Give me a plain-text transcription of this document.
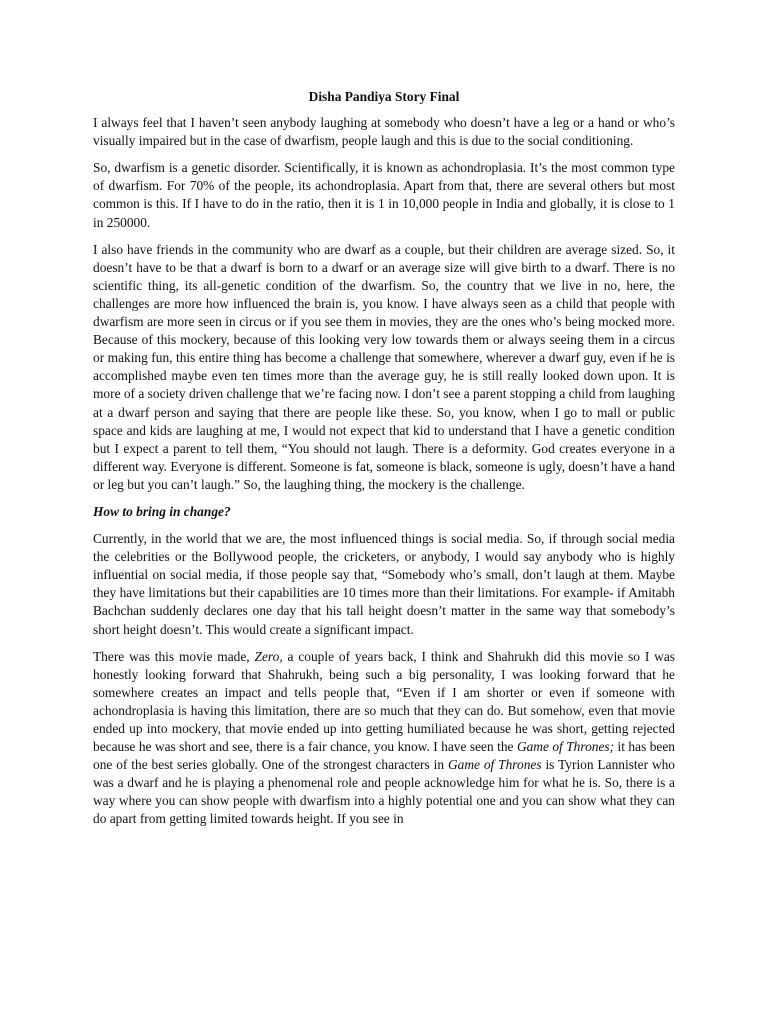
Disha Pandiya Story Final

I always feel that I haven’t seen anybody laughing at somebody who doesn’t have a leg or a hand or who’s visually impaired but in the case of dwarfism, people laugh and this is due to the social conditioning.

So, dwarfism is a genetic disorder. Scientifically, it is known as achondroplasia. It’s the most common type of dwarfism. For 70% of the people, its achondroplasia. Apart from that, there are several others but most common is this. If I have to do in the ratio, then it is 1 in 10,000 people in India and globally, it is close to 1 in 250000.

I also have friends in the community who are dwarf as a couple, but their children are average sized. So, it doesn’t have to be that a dwarf is born to a dwarf or an average size will give birth to a dwarf. There is no scientific thing, its all-genetic condition of the dwarfism. So, the country that we live in no, here, the challenges are more how influenced the brain is, you know. I have always seen as a child that people with dwarfism are more seen in circus or if you see them in movies, they are the ones who’s being mocked more. Because of this mockery, because of this looking very low towards them or always seeing them in a circus or making fun, this entire thing has become a challenge that somewhere, wherever a dwarf guy, even if he is accomplished maybe even ten times more than the average guy, he is still really looked down upon. It is more of a society driven challenge that we’re facing now. I don’t see a parent stopping a child from laughing at a dwarf person and saying that there are people like these. So, you know, when I go to mall or public space and kids are laughing at me, I would not expect that kid to understand that I have a genetic condition but I expect a parent to tell them, “You should not laugh. There is a deformity. God creates everyone in a different way. Everyone is different. Someone is fat, someone is black, someone is ugly, doesn’t have a hand or leg but you can’t laugh.” So, the laughing thing, the mockery is the challenge.

How to bring in change?

Currently, in the world that we are, the most influenced things is social media. So, if through social media the celebrities or the Bollywood people, the cricketers, or anybody, I would say anybody who is highly influential on social media, if those people say that, “Somebody who’s small, don’t laugh at them. Maybe they have limitations but their capabilities are 10 times more than their limitations. For example- if Amitabh Bachchan suddenly declares one day that his tall height doesn’t matter in the same way that somebody’s short height doesn’t. This would create a significant impact.

There was this movie made, Zero, a couple of years back, I think and Shahrukh did this movie so I was honestly looking forward that Shahrukh, being such a big personality, I was looking forward that he somewhere creates an impact and tells people that, “Even if I am shorter or even if someone with achondroplasia is having this limitation, there are so much that they can do. But somehow, even that movie ended up into mockery, that movie ended up into getting humiliated because he was short, getting rejected because he was short and see, there is a fair chance, you know. I have seen the Game of Thrones; it has been one of the best series globally. One of the strongest characters in Game of Thrones is Tyrion Lannister who was a dwarf and he is playing a phenomenal role and people acknowledge him for what he is. So, there is a way where you can show people with dwarfism into a highly potential one and you can show what they can do apart from getting limited towards height. If you see in
